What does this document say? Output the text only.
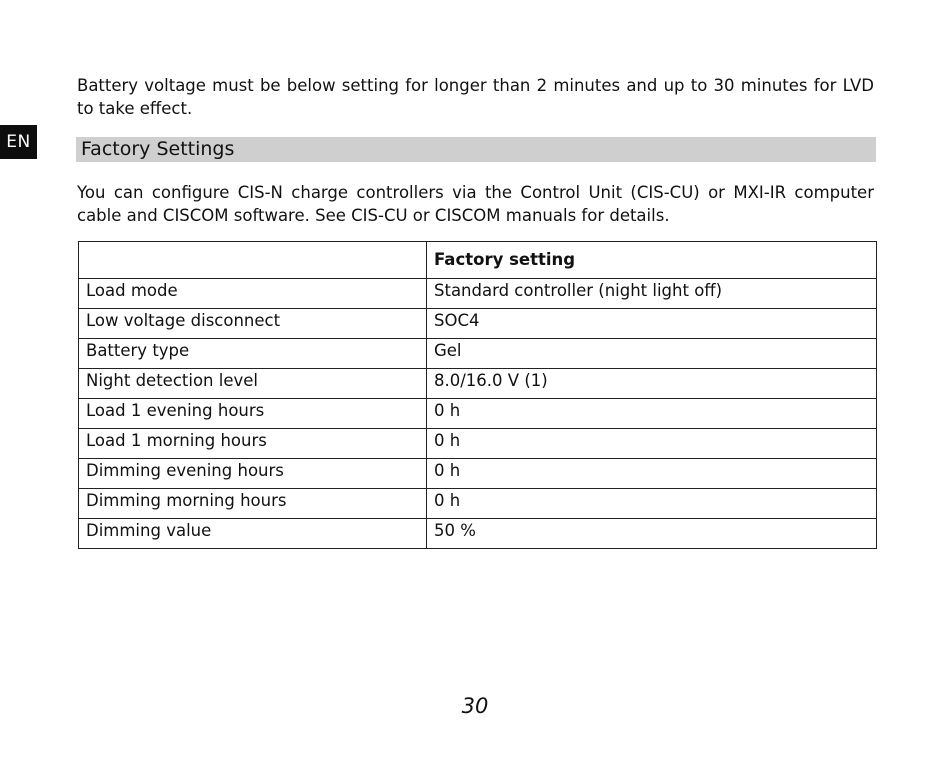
EN

Battery voltage must be below setting for longer than 2 minutes and up to 30 minutes for LVD to take effect.

Factory Settings

You can configure CIS-N charge controllers via the Control Unit (CIS-CU) or MXI-IR computer cable and CISCOM software. See CIS-CU or CISCOM manuals for details.

	Factory setting
Load mode	Standard controller (night light off)
Low voltage disconnect	SOC4
Battery type	Gel
Night detection level	8.0/16.0 V (1)
Load 1 evening hours	0 h
Load 1 morning hours	0 h
Dimming evening hours	0 h
Dimming morning hours	0 h
Dimming value	50 %
30
